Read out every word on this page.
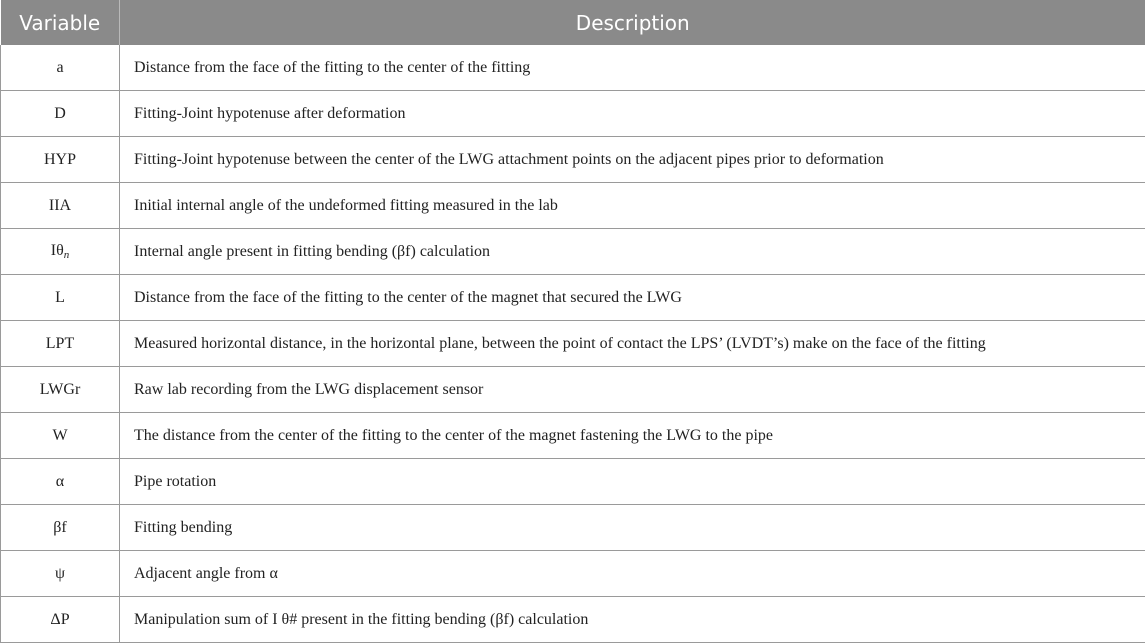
Variable	Description
a	Distance from the face of the fitting to the center of the fitting
D	Fitting-Joint hypotenuse after deformation
HYP	Fitting-Joint hypotenuse between the center of the LWG attachment points on the adjacent pipes prior to deformation
IIA	Initial internal angle of the undeformed fitting measured in the lab
$I\theta_n$	Internal angle present in fitting bending (βf) calculation
L	Distance from the face of the fitting to the center of the magnet that secured the LWG
LPT	Measured horizontal distance, in the horizontal plane, between the point of contact the LPS’ (LVDT’s) make on the face of the fitting
LWGr	Raw lab recording from the LWG displacement sensor
W	The distance from the center of the fitting to the center of the magnet fastening the LWG to the pipe
α	Pipe rotation
βf	Fitting bending
ψ	Adjacent angle from α
ΔP	Manipulation sum of I θ# present in the fitting bending (βf) calculation
